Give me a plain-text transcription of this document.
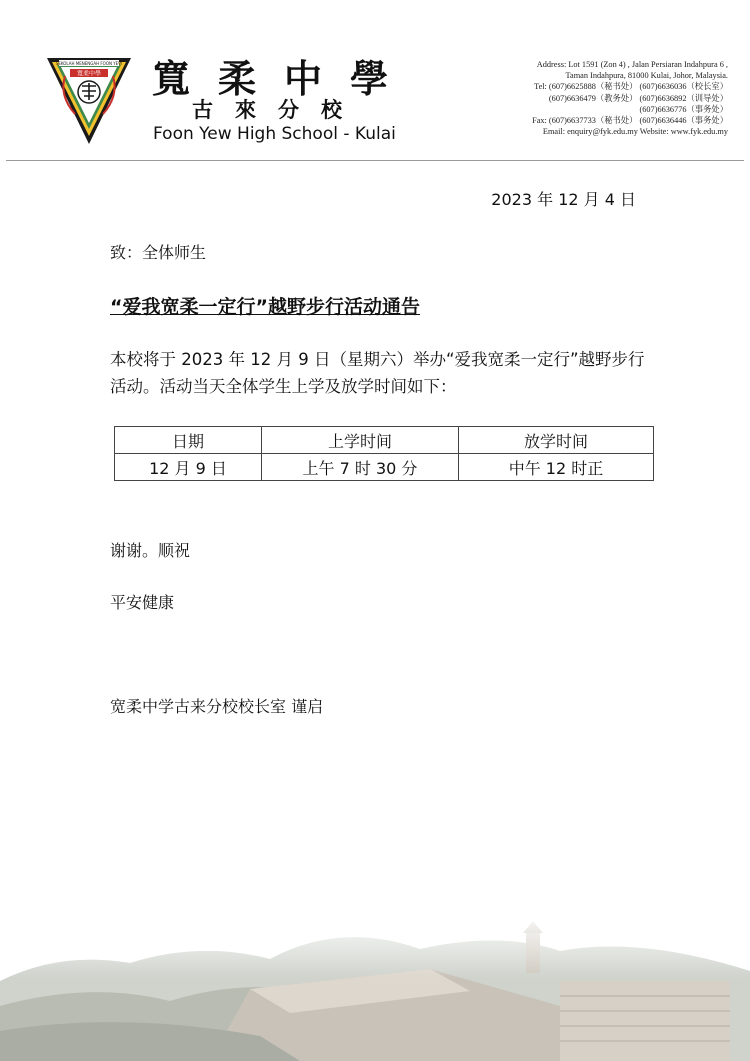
SEKOLAH MENENGAH FOON YEW
寬柔中學 寬柔中學
古來分校
Foon Yew High School - Kulai
Address: Lot 1591 (Zon 4) , Jalan Persiaran Indahpura 6 ,
Taman Indahpura, 81000 Kulai, Johor, Malaysia.
Tel: (607)6625888（秘书处） (607)6636036（校长室）
(607)6636479（教务处） (607)6636892（训导处）
(607)6636776（事务处）
Fax: (607)6637733（秘书处） (607)6636446（事务处）
Email: enquiry@fyk.edu.my Website: www.fyk.edu.my
2023 年 12 月 4 日
致：全体师生
“爱我宽柔一定行”越野步行活动通告
本校将于 2023 年 12 月 9 日（星期六）举办“爱我宽柔一定行”越野步行活动。活动当天全体学生上学及放学时间如下：
日期	上学时间	放学时间
12 月 9 日	上午 7 时 30 分	中午 12 时正
谢谢。顺祝
平安健康
宽柔中学古来分校校长室 谨启
